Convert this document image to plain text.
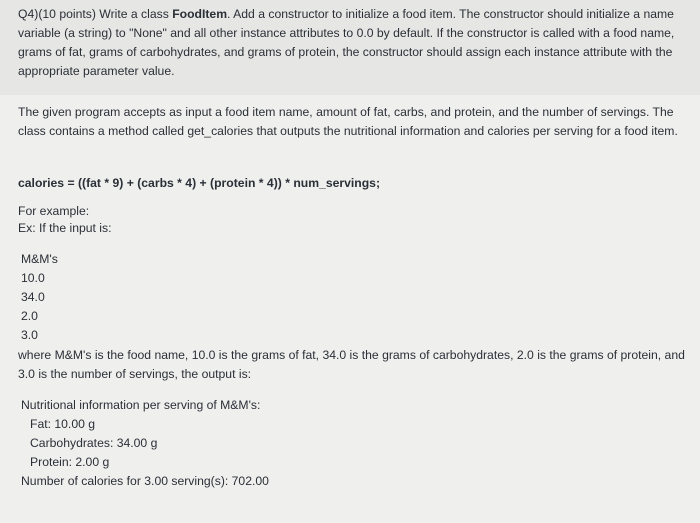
Q4)(10 points) Write a class FoodItem. Add a constructor to initialize a food item. The constructor should initialize a name variable (a string) to "None" and all other instance attributes to 0.0 by default. If the constructor is called with a food name, grams of fat, grams of carbohydrates, and grams of protein, the constructor should assign each instance attribute with the appropriate parameter value.

The given program accepts as input a food item name, amount of fat, carbs, and protein, and the number of servings. The class contains a method called get_calories that outputs the nutritional information and calories per serving for a food item.

calories = ((fat * 9) + (carbs * 4) + (protein * 4)) * num_servings;

For example:

Ex: If the input is:

M&M's
10.0
34.0
2.0
3.0

where M&M's is the food name, 10.0 is the grams of fat, 34.0 is the grams of carbohydrates, 2.0 is the grams of protein, and 3.0 is the number of servings, the output is:

Nutritional information per serving of M&M's:
Fat: 10.00 g
Carbohydrates: 34.00 g
Protein: 2.00 g
Number of calories for 3.00 serving(s): 702.00
